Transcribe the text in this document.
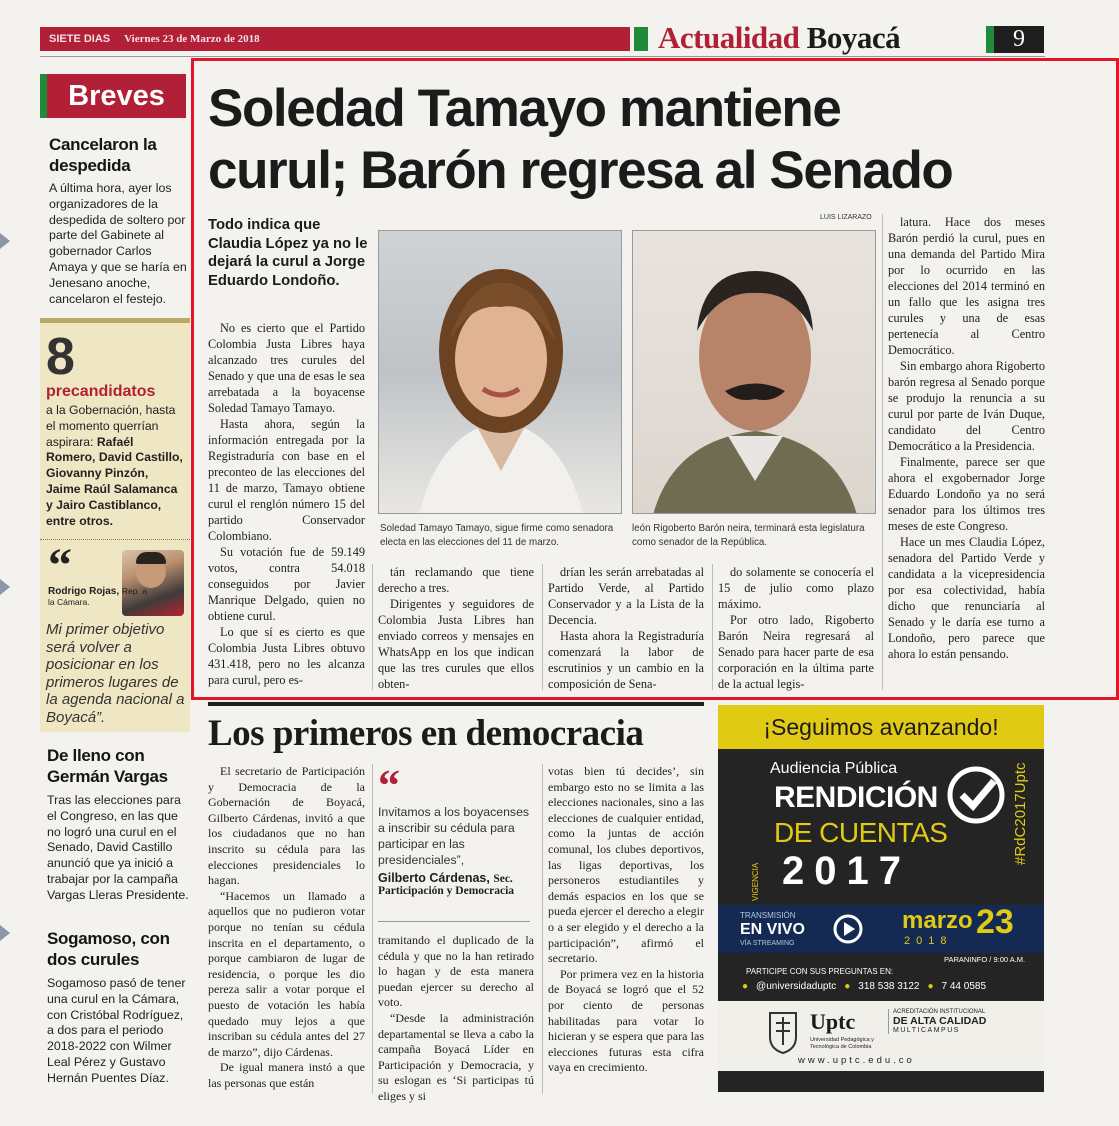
SIETE DIAS Viernes 23 de Marzo de 2018	Actualidad Boyacá	9
Breves
Cancelaron la despedida
A última hora, ayer los organizadores de la despedida de soltero por parte del Gabinete al gobernador Carlos Amaya y que se haría en Jenesano anoche, cancelaron el festejo.
8
precandidatos
a la Gobernación, hasta el momento querrían aspirara: Rafaél Romero, David Castillo, Giovanny Pinzón, Jaime Raúl Salamanca y Jairo Castiblanco, entre otros.
“
Rodrigo Rojas, Rep. a la Cámara.
Mi primer objetivo será volver a posicionar en los primeros lugares de la agenda nacional a Boyacá”.
De lleno con Germán Vargas
Tras las elecciones para el Congreso, en las que no logró una curul en el Senado, David Castillo anunció que ya inició a trabajar por la campaña Vargas Lleras Presidente.
Sogamoso, con dos curules
Sogamoso pasó de tener una curul en la Cámara, con Cristóbal Rodríguez, a dos para el periodo 2018-2022 con Wilmer Leal Pérez y Gustavo Hernán Puentes Díaz.
Soledad Tamayo mantiene
curul; Barón regresa al Senado
Todo indica que Claudia López ya no le dejará la curul a Jorge Eduardo Londoño.
LUIS LIZARAZO
Soledad Tamayo Tamayo, sigue firme como senadora electa en las elecciones del 11 de marzo.
león Rigoberto Barón neira, terminará esta legislatura como senador de la República.

No es cierto que el Partido Colombia Justa Libres haya alcanzado tres curules del Senado y que una de esas le sea arrebatada a la boyacense Soledad Tamayo Tamayo.

Hasta ahora, según la información entregada por la Registraduría con base en el preconteo de las elecciones del 11 de marzo, Tamayo obtiene curul el renglón número 15 del partido Conservador Colombiano.

Su votación fue de 59.149 votos, contra 54.018 conseguidos por Javier Manrique Delgado, quien no obtiene curul.

Lo que sí es cierto es que Colombia Justa Libres obtuvo 431.418, pero no les alcanza para curul, pero es-

tán reclamando que tiene derecho a tres.

Dirigentes y seguidores de Colombia Justa Libres han enviado correos y mensajes en WhatsApp en los que indican que las tres curules que ellos obten-

drían les serán arrebatadas al Partido Verde, al Partido Conservador y a la Lista de la Decencia.

Hasta ahora la Registraduría comenzará la labor de escrutinios y un cambio en la composición de Sena-

do solamente se conocería el 15 de julio como plazo máximo.

Por otro lado, Rigoberto Barón Neira regresará al Senado para hacer parte de esa corporación en la última parte de la actual legis-

latura. Hace dos meses Barón perdió la curul, pues en una demanda del Partido Mira por lo ocurrido en las elecciones del 2014 terminó en un fallo que les asigna tres curules y una de esas pertenecía al Centro Democrático.

Sin embargo ahora Rigoberto barón regresa al Senado porque se produjo la renuncia a su curul por parte de Iván Duque, candidato del Centro Democrático a la Presidencia.

Finalmente, parece ser que ahora el exgobernador Jorge Eduardo Londoño ya no será senador para los últimos tres meses de este Congreso.

Hace un mes Claudia López, senadora del Partido Verde y candidata a la vicepresidencia por esa colectividad, había dicho que renunciaría al Senado y le daría ese turno a Londoño, pero parece que ahora lo están pensando.

Los primeros en democracia

El secretario de Participación y Democracia de la Gobernación de Boyacá, Gilberto Cárdenas, invitó a que los ciudadanos que no han inscrito su cédula para las elecciones presidenciales lo hagan.

“Hacemos un llamado a aquellos que no pudieron votar porque no tenían su cédula inscrita en el departamento, o porque cambiaron de lugar de residencia, o porque les dio pereza salir a votar porque el puesto de votación les había quedado muy lejos a que inscriban su cédula antes del 27 de marzo”, dijo Cárdenas.

De igual manera instó a que las personas que están

“
Invitamos a los boyacenses a inscribir su cédula para participar en las presidenciales”,
Gilberto Cárdenas, Sec.
Participación y Democracia

tramitando el duplicado de la cédula y que no la han retirado lo hagan y de esta manera puedan ejercer su derecho al voto.

“Desde la administración departamental se lleva a cabo la campaña Boyacá Líder en Participación y Democracia, y su eslogan es ‘Si participas tú eliges y si

votas bien tú decides’, sin embargo esto no se limita a las elecciones nacionales, sino a las elecciones de cualquier entidad, como la juntas de acción comunal, los clubes deportivos, las ligas deportivas, los personeros estudiantiles y demás espacios en los que se pueda ejercer el derecho a elegir o a ser elegido y el derecho a la participación”, afirmó el secretario.

Por primera vez en la historia de Boyacá se logró que el 52 por ciento de personas habilitadas para votar lo hicieran y se espera que para las elecciones futuras esta cifra vaya en crecimiento.

¡Seguimos avanzando!
Audiencia Pública
RENDICIÓN
DE CUENTAS
VIGENCIA 2017
#RdC2017Uptc
TRANSMISIÓN
EN VIVO
VÍA STREAMING
marzo 23
2018
PARANINFO / 9:00 A.M.
PARTICIPE CON SUS PREGUNTAS EN:
● @universidaduptc ● 318 538 3122 ● 7 44 0585
Uptc
Universidad Pedagógica y Tecnológica de Colombia
ACREDITACIÓN INSTITUCIONAL
DE ALTA CALIDAD
MULTICAMPUS
www.uptc.edu.co
